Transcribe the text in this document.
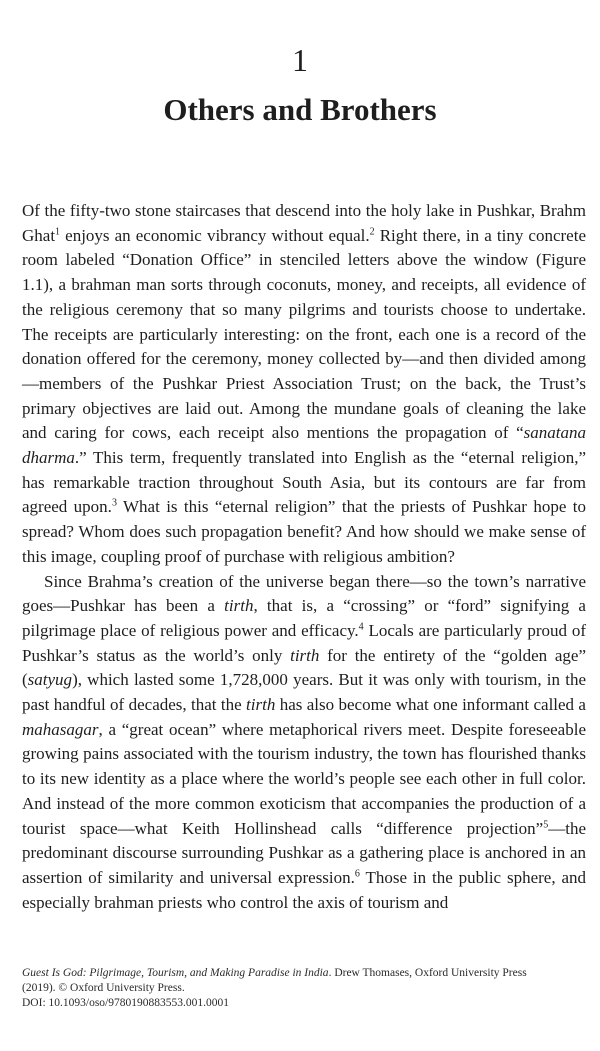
1
Others and Brothers

Of the fifty-two stone staircases that descend into the holy lake in Pushkar, Brahm Ghat$^1$ enjoys an economic vibrancy without equal.$^2$ Right there, in a tiny concrete room labeled “Donation Office” in stenciled letters above the window (Figure 1.1), a brahman man sorts through coconuts, money, and receipts, all evidence of the religious ceremony that so many pilgrims and tourists choose to undertake. The receipts are particularly interesting: on the front, each one is a record of the donation offered for the ceremony, money collected by—and then divided among—members of the Pushkar Priest Association Trust; on the back, the Trust’s primary objectives are laid out. Among the mundane goals of cleaning the lake and caring for cows, each receipt also mentions the propagation of “sanatana dharma.” This term, frequently translated into English as the “eternal religion,” has remarkable traction throughout South Asia, but its contours are far from agreed upon.$^3$ What is this “eternal religion” that the priests of Pushkar hope to spread? Whom does such propagation benefit? And how should we make sense of this image, coupling proof of purchase with religious ambition?

Since Brahma’s creation of the universe began there—so the town’s narrative goes—Pushkar has been a tirth, that is, a “crossing” or “ford” signifying a pilgrimage place of religious power and efficacy.$^4$ Locals are particularly proud of Pushkar’s status as the world’s only tirth for the entirety of the “golden age” (satyug), which lasted some 1,728,000 years. But it was only with tourism, in the past handful of decades, that the tirth has also become what one informant called a mahasagar, a “great ocean” where metaphorical rivers meet. Despite foreseeable growing pains associated with the tourism industry, the town has flourished thanks to its new identity as a place where the world’s people see each other in full color. And instead of the more common exoticism that accompanies the production of a tourist space—what Keith Hollinshead calls “difference projection”$^5$—the predominant discourse surrounding Pushkar as a gathering place is anchored in an assertion of similarity and universal expression.$^6$ Those in the public sphere, and especially brahman priests who control the axis of tourism and

Guest Is God: Pilgrimage, Tourism, and Making Paradise in India. Drew Thomases, Oxford University Press
(2019). © Oxford University Press.
DOI: 10.1093/oso/9780190883553.001.0001
